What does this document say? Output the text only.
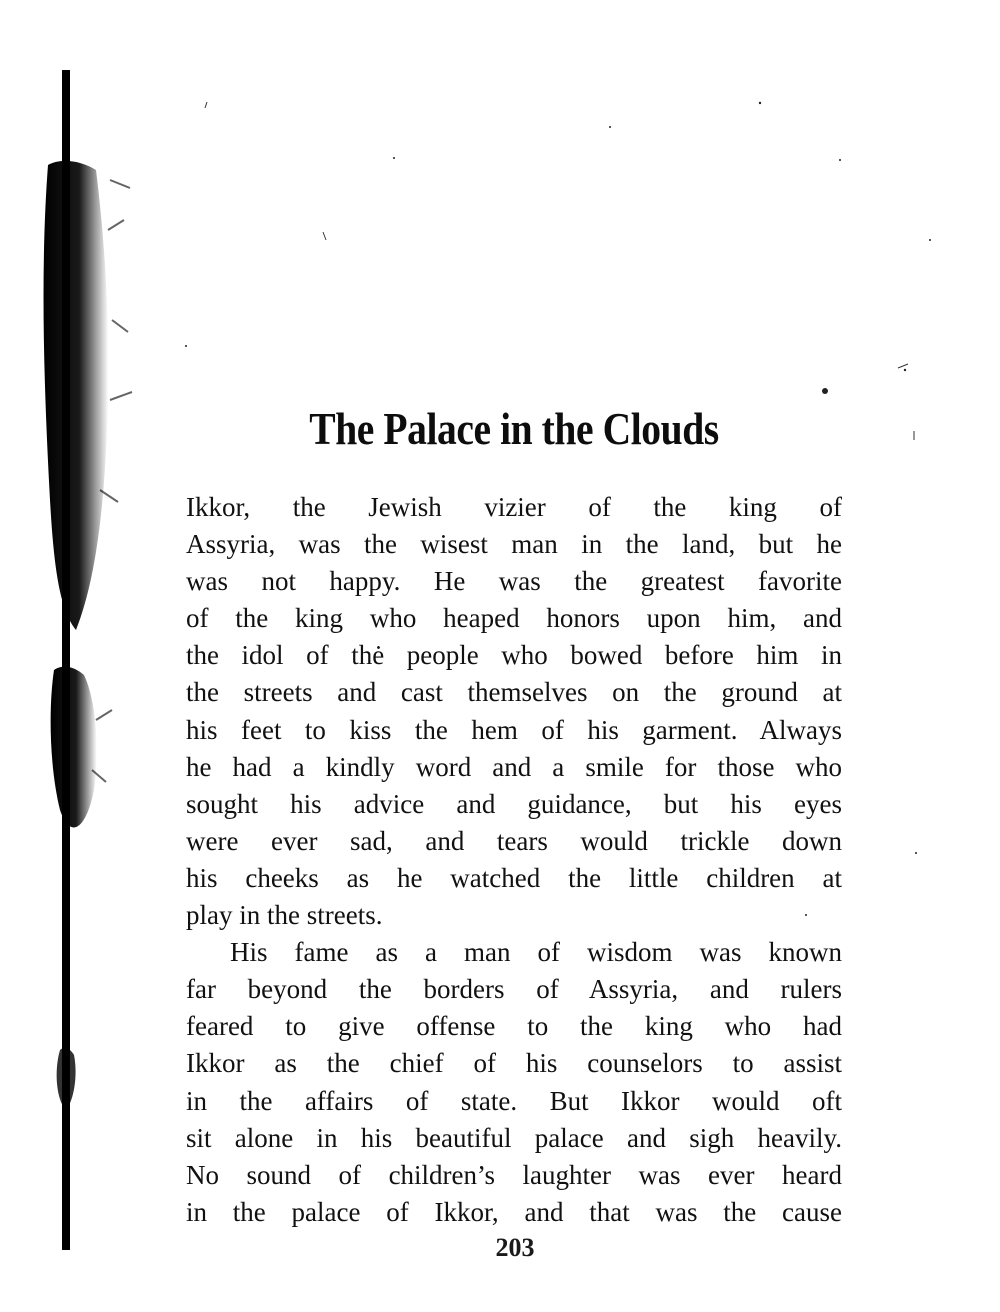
The Palace in the Clouds
Ikkor, the Jewish vizier of the king of
Assyria, was the wisest man in the land, but he
was not happy. He was the greatest favorite
of the king who heaped honors upon him, and
the idol of thė people who bowed before him in
the streets and cast themselves on the ground at
his feet to kiss the hem of his garment. Always
he had a kindly word and a smile for those who
sought his advice and guidance, but his eyes
were ever sad, and tears would trickle down
his cheeks as he watched the little children at
play in the streets.
His fame as a man of wisdom was known
far beyond the borders of Assyria, and rulers
feared to give offense to the king who had
Ikkor as the chief of his counselors to assist
in the affairs of state. But Ikkor would oft
sit alone in his beautiful palace and sigh heavily.
No sound of children’s laughter was ever heard
in the palace of Ikkor, and that was the cause
203
